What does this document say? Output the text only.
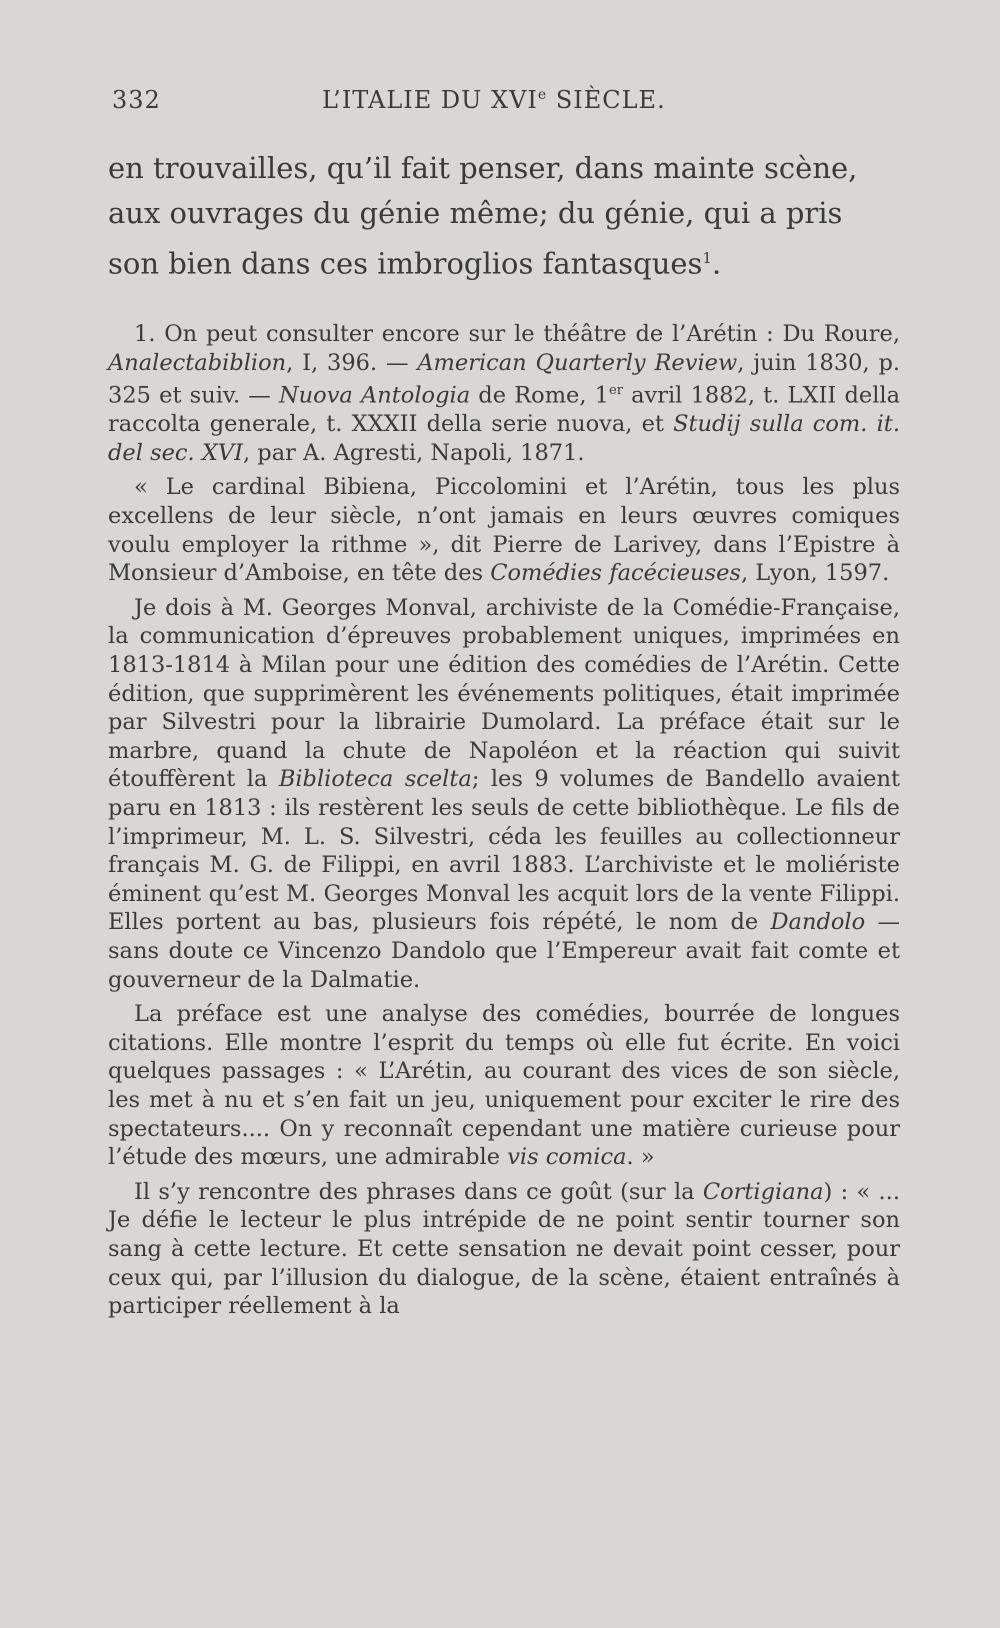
332	L’ITALIE DU XVIe SIÈCLE.
en trouvailles, qu’il fait penser, dans mainte scène,
aux ouvrages du génie même; du génie, qui a pris
son bien dans ces imbroglios fantasques$^1$.

1. On peut consulter encore sur le théâtre de l’Arétin : Du Roure, Analectabiblion, I, 396. — American Quarterly Review, juin 1830, p. 325 et suiv. — Nuova Antologia de Rome, 1er avril 1882, t. LXII della raccolta generale, t. XXXII della serie nuova, et Studij sulla com. it. del sec. XVI, par A. Agresti, Napoli, 1871.

« Le cardinal Bibiena, Piccolomini et l’Arétin, tous les plus excellens de leur siècle, n’ont jamais en leurs œuvres comiques voulu employer la rithme », dit Pierre de Larivey, dans l’Epistre à Monsieur d’Amboise, en tête des Comédies facécieuses, Lyon, 1597.

Je dois à M. Georges Monval, archiviste de la Comédie-Française, la communication d’épreuves probablement uniques, imprimées en 1813-1814 à Milan pour une édition des comédies de l’Arétin. Cette édition, que supprimèrent les événements politiques, était imprimée par Silvestri pour la librairie Dumolard. La préface était sur le marbre, quand la chute de Napoléon et la réaction qui suivit étouffèrent la Biblioteca scelta; les 9 volumes de Bandello avaient paru en 1813 : ils restèrent les seuls de cette bibliothèque. Le fils de l’imprimeur, M. L. S. Silvestri, céda les feuilles au collectionneur français M. G. de Filippi, en avril 1883. L’archiviste et le moliériste éminent qu’est M. Georges Monval les acquit lors de la vente Filippi. Elles portent au bas, plusieurs fois répété, le nom de Dandolo — sans doute ce Vincenzo Dandolo que l’Empereur avait fait comte et gouverneur de la Dalmatie.

La préface est une analyse des comédies, bourrée de longues citations. Elle montre l’esprit du temps où elle fut écrite. En voici quelques passages : « L’Arétin, au courant des vices de son siècle, les met à nu et s’en fait un jeu, uniquement pour exciter le rire des spectateurs.... On y reconnaît cependant une matière curieuse pour l’étude des mœurs, une admirable vis comica. »

Il s’y rencontre des phrases dans ce goût (sur la Cortigiana) : « ... Je défie le lecteur le plus intrépide de ne point sentir tourner son sang à cette lecture. Et cette sensation ne devait point cesser, pour ceux qui, par l’illusion du dialogue, de la scène, étaient entraînés à participer réellement à la
